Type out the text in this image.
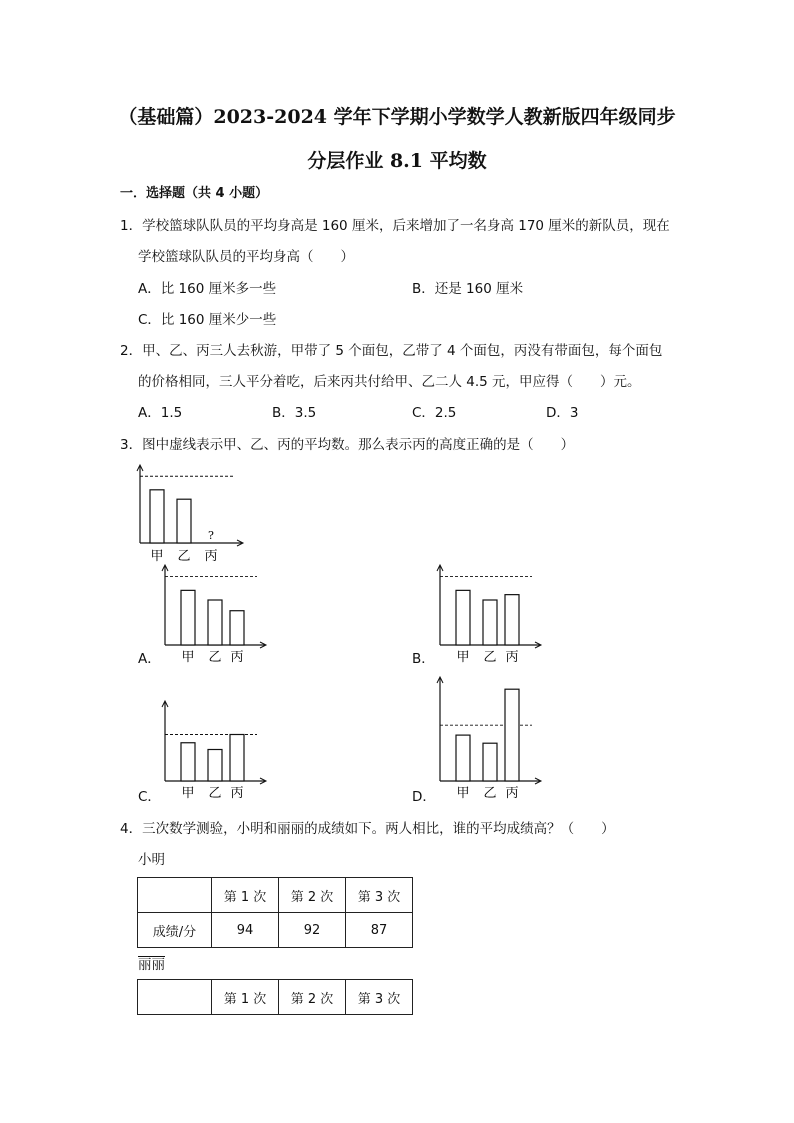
（基础篇）2023-2024 学年下学期小学数学人教新版四年级同步
分层作业 8.1 平均数
一．选择题（共 4 小题）
1．学校篮球队队员的平均身高是 160 厘米，后来增加了一名身高 170 厘米的新队员，现在
学校篮球队队员的平均身高（　　）
A．比 160 厘米多一些	B．还是 160 厘米
C．比 160 厘米少一些
2．甲、乙、丙三人去秋游，甲带了 5 个面包，乙带了 4 个面包，丙没有带面包，每个面包
的价格相同，三人平分着吃，后来丙共付给甲、乙二人 4.5 元，甲应得（　　）元。
A．1.5	B．3.5	C．2.5	D．3
3．图中虚线表示甲、乙、丙的平均数。那么表示丙的高度正确的是（　　）
?
甲 乙 丙
A． 甲 乙 丙	B． 甲 乙 丙
C． 甲 乙 丙	D． 甲 乙 丙
4．三次数学测验，小明和丽丽的成绩如下。两人相比，谁的平均成绩高？（　　）
小明
	第 1 次	第 2 次	第 3 次
成绩/分	94	92	87
丽丽
	第 1 次	第 2 次	第 3 次
